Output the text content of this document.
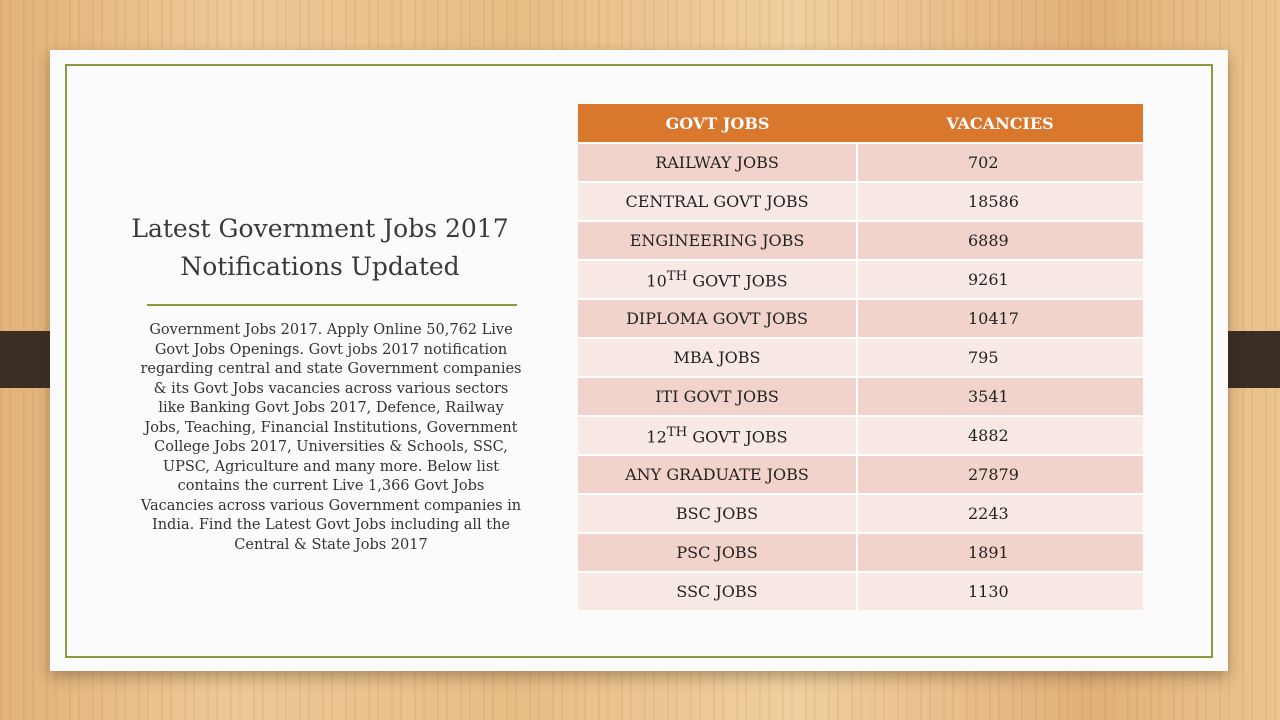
Latest Government Jobs 2017
Notifications Updated
Government Jobs 2017. Apply Online 50,762 Live Govt Jobs Openings. Govt jobs 2017 notification regarding central and state Government companies & its Govt Jobs vacancies across various sectors like Banking Govt Jobs 2017, Defence, Railway Jobs, Teaching, Financial Institutions, Government College Jobs 2017, Universities & Schools, SSC, UPSC, Agriculture and many more. Below list contains the current Live 1,366 Govt Jobs Vacancies across various Government companies in India. Find the Latest Govt Jobs including all the Central & State Jobs 2017
GOVT JOBS	VACANCIES
RAILWAY JOBS	702
CENTRAL GOVT JOBS	18586
ENGINEERING JOBS	6889
10TH GOVT JOBS	9261
DIPLOMA GOVT JOBS	10417
MBA JOBS	795
ITI GOVT JOBS	3541
12TH GOVT JOBS	4882
ANY GRADUATE JOBS	27879
BSC JOBS	2243
PSC JOBS	1891
SSC JOBS	1130
